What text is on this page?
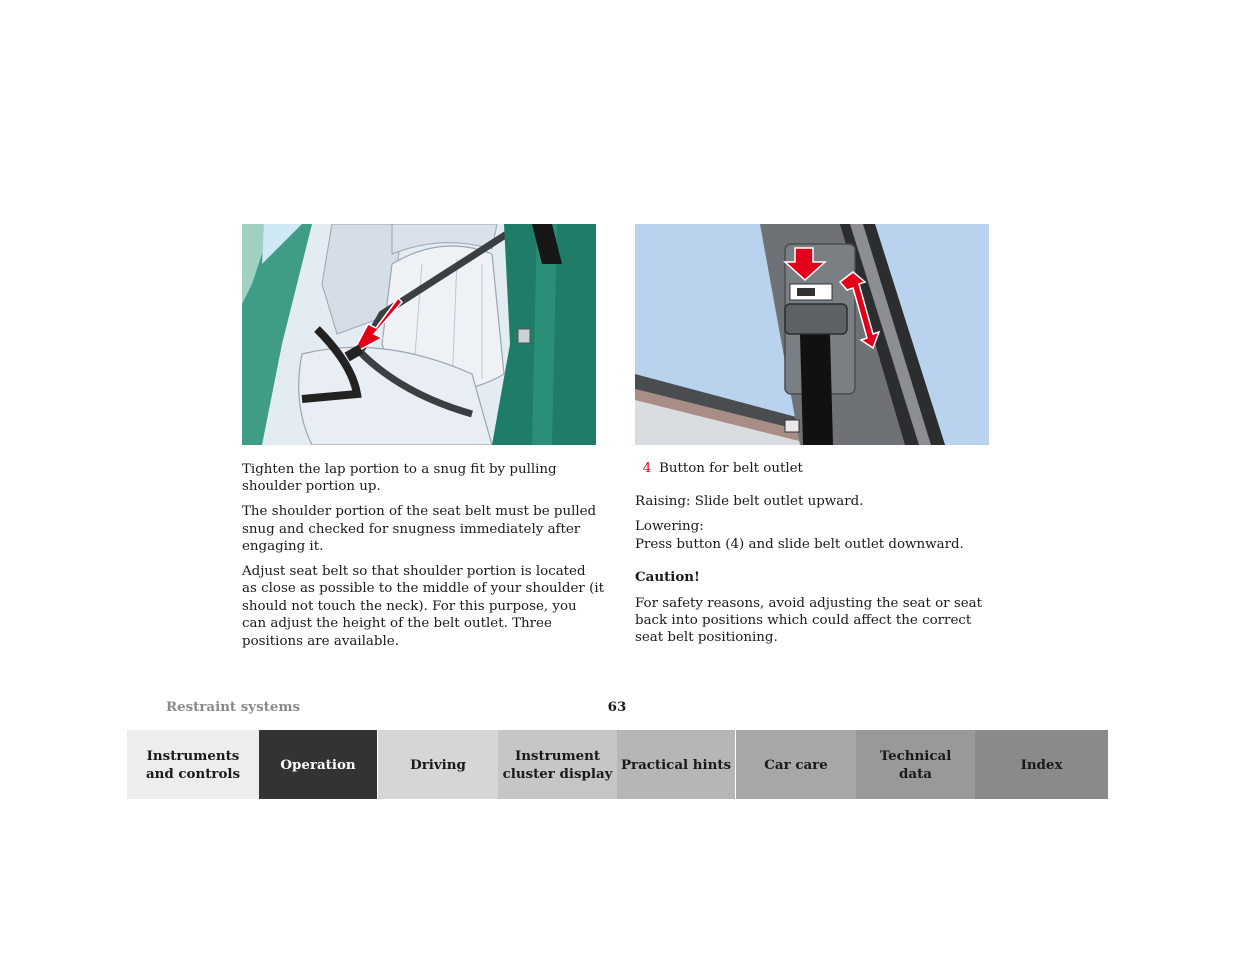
Tighten the lap portion to a snug fit by pulling shoulder portion up.

The shoulder portion of the seat belt must be pulled snug and checked for snugness immediately after engaging it.

Adjust seat belt so that shoulder portion is located as close as possible to the middle of your shoulder (it should not touch the neck). For this purpose, you can adjust the height of the belt outlet. Three positions are available.

4 Button for belt outlet

Raising: Slide belt outlet upward.

Lowering:

Press button (4) and slide belt outlet downward.

Caution!

For safety reasons, avoid adjusting the seat or seat back into positions which could affect the correct seat belt positioning.

Restraint systems	63
Instruments
and controls
Operation	Driving
Instrument
cluster display
Practical hints Car care
Technical
data
Index
